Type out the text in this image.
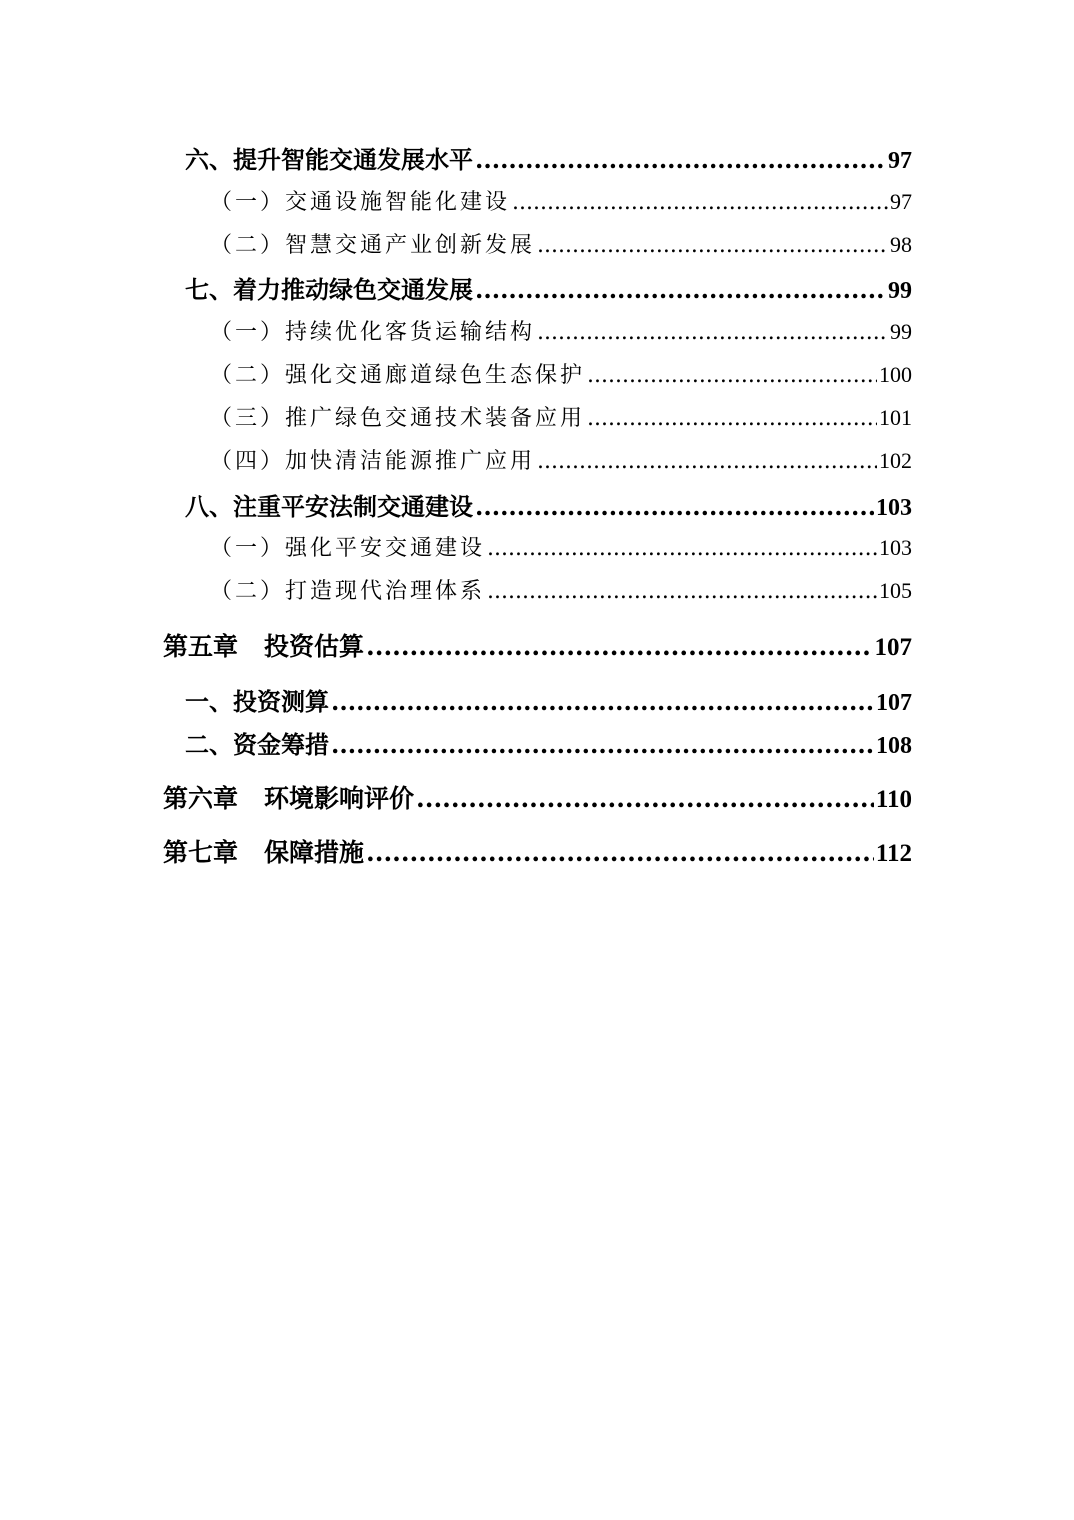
六、提升智能交通发展水平 .....	97
（一）交通设施智能化建设 .....	97
（二）智慧交通产业创新发展 .....	98
七、着力推动绿色交通发展 .....	99
（一）持续优化客货运输结构 .....	99
（二）强化交通廊道绿色生态保护 .....	100
（三）推广绿色交通技术装备应用 .....	101
（四）加快清洁能源推广应用 .....	102
八、注重平安法制交通建设 .....	103
（一）强化平安交通建设 .....	103
（二）打造现代治理体系 .....	105
第五章 投资估算 .....	107
一、投资测算 .....	107
二、资金筹措 .....	108
第六章 环境影响评价 .....	110
第七章 保障措施 .....	112
